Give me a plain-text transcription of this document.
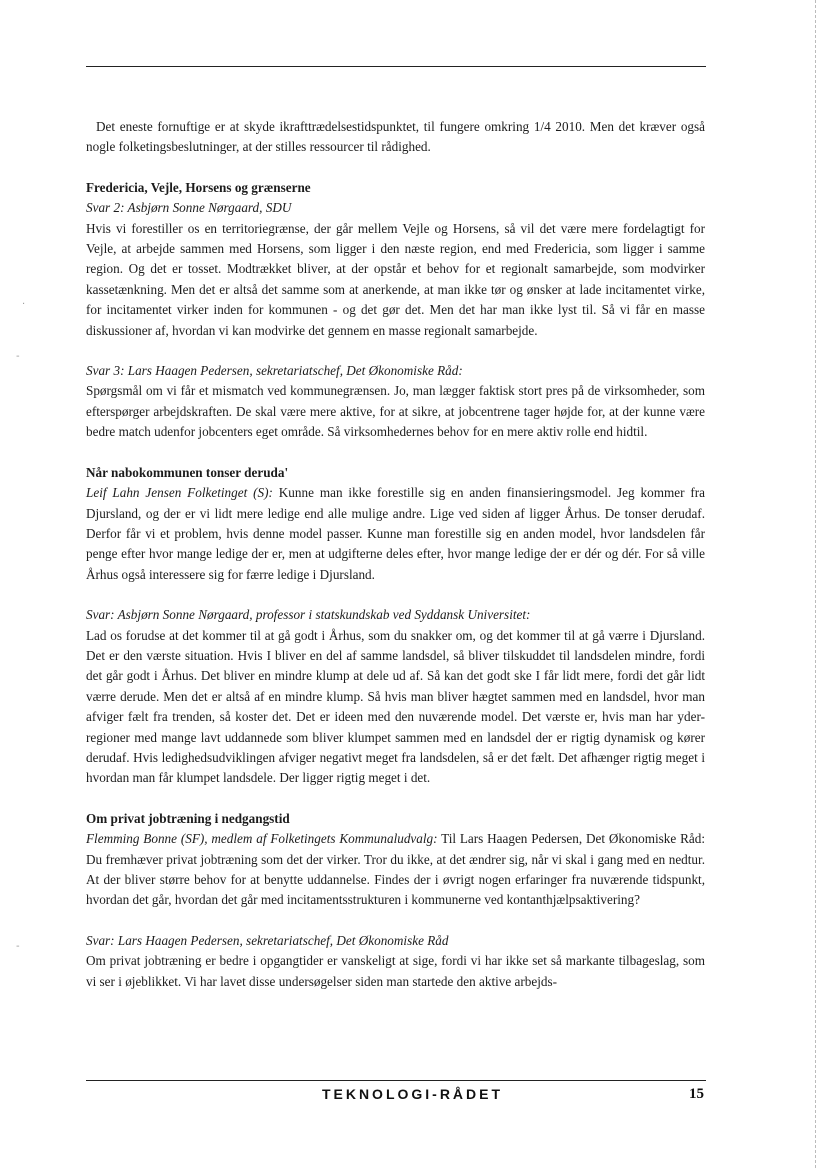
·
-
-

Det eneste fornuftige er at skyde ikrafttrædelsestidspunktet, til fungere omkring 1/4 2010. Men det kræver også nogle folketingsbeslutninger, at der stilles ressourcer til rådighed.

Fredericia, Vejle, Horsens og grænserne

Svar 2: Asbjørn Sonne Nørgaard, SDU

Hvis vi forestiller os en territoriegrænse, der går mellem Vejle og Horsens, så vil det være mere fordelagtigt for Vejle, at arbejde sammen med Horsens, som ligger i den næste region, end med Fredericia, som ligger i samme region. Og det er tosset. Modtrækket bliver, at der opstår et behov for et regionalt samarbejde, som modvirker kassetænkning. Men det er altså det samme som at anerkende, at man ikke tør og ønsker at lade incitamentet virke, for incitamentet virker inden for kommunen - og det gør det. Men det har man ikke lyst til. Så vi får en masse diskussioner af, hvordan vi kan modvirke det gennem en masse regionalt samarbejde.

Svar 3: Lars Haagen Pedersen, sekretariatschef, Det Økonomiske Råd:

Spørgsmål om vi får et mismatch ved kommunegrænsen. Jo, man lægger faktisk stort pres på de virksomheder, som efterspørger arbejdskraften. De skal være mere aktive, for at sikre, at jobcentrene tager højde for, at der kunne være bedre match udenfor jobcenters eget område. Så virksomhedernes behov for en mere aktiv rolle end hidtil.

Når nabokommunen tonser deruda'

Leif Lahn Jensen Folketinget (S): Kunne man ikke forestille sig en anden finansieringsmodel. Jeg kommer fra Djursland, og der er vi lidt mere ledige end alle mulige andre. Lige ved siden af ligger Århus. De tonser derudaf. Derfor får vi et problem, hvis denne model passer. Kunne man forestille sig en anden model, hvor landsdelen får penge efter hvor mange ledige der er, men at udgifterne deles efter, hvor mange ledige der er dér og dér. For så ville Århus også interessere sig for færre ledige i Djursland.

Svar: Asbjørn Sonne Nørgaard, professor i statskundskab ved Syddansk Universitet:

Lad os forudse at det kommer til at gå godt i Århus, som du snakker om, og det kommer til at gå værre i Djursland. Det er den værste situation. Hvis I bliver en del af samme landsdel, så bliver tilskuddet til landsdelen mindre, fordi det går godt i Århus. Det bliver en mindre klump at dele ud af. Så kan det godt ske I får lidt mere, fordi det går lidt værre derude. Men det er altså af en mindre klump. Så hvis man bliver hægtet sammen med en landsdel, hvor man afviger fælt fra trenden, så koster det. Det er ideen med den nuværende model. Det værste er, hvis man har yder-regioner med mange lavt uddannede som bliver klumpet sammen med en landsdel der er rigtig dynamisk og kører derudaf. Hvis ledighedsudviklingen afviger negativt meget fra landsdelen, så er det fælt. Det afhænger rigtig meget i hvordan man får klumpet landsdele. Der ligger rigtig meget i det.

Om privat jobtræning i nedgangstid

Flemming Bonne (SF), medlem af Folketingets Kommunaludvalg: Til Lars Haagen Pedersen, Det Økonomiske Råd: Du fremhæver privat jobtræning som det der virker. Tror du ikke, at det ændrer sig, når vi skal i gang med en nedtur. At der bliver større behov for at benytte uddannelse. Findes der i øvrigt nogen erfaringer fra nuværende tidspunkt, hvordan det går, hvordan det går med incitamentsstrukturen i kommunerne ved kontanthjælpsaktivering?

Svar: Lars Haagen Pedersen, sekretariatschef, Det Økonomiske Råd

Om privat jobtræning er bedre i opgangtider er vanskeligt at sige, fordi vi har ikke set så markante tilbageslag, som vi ser i øjeblikket. Vi har lavet disse undersøgelser siden man startede den aktive arbejds-

TEKNOLOGI-RÅDET	15
